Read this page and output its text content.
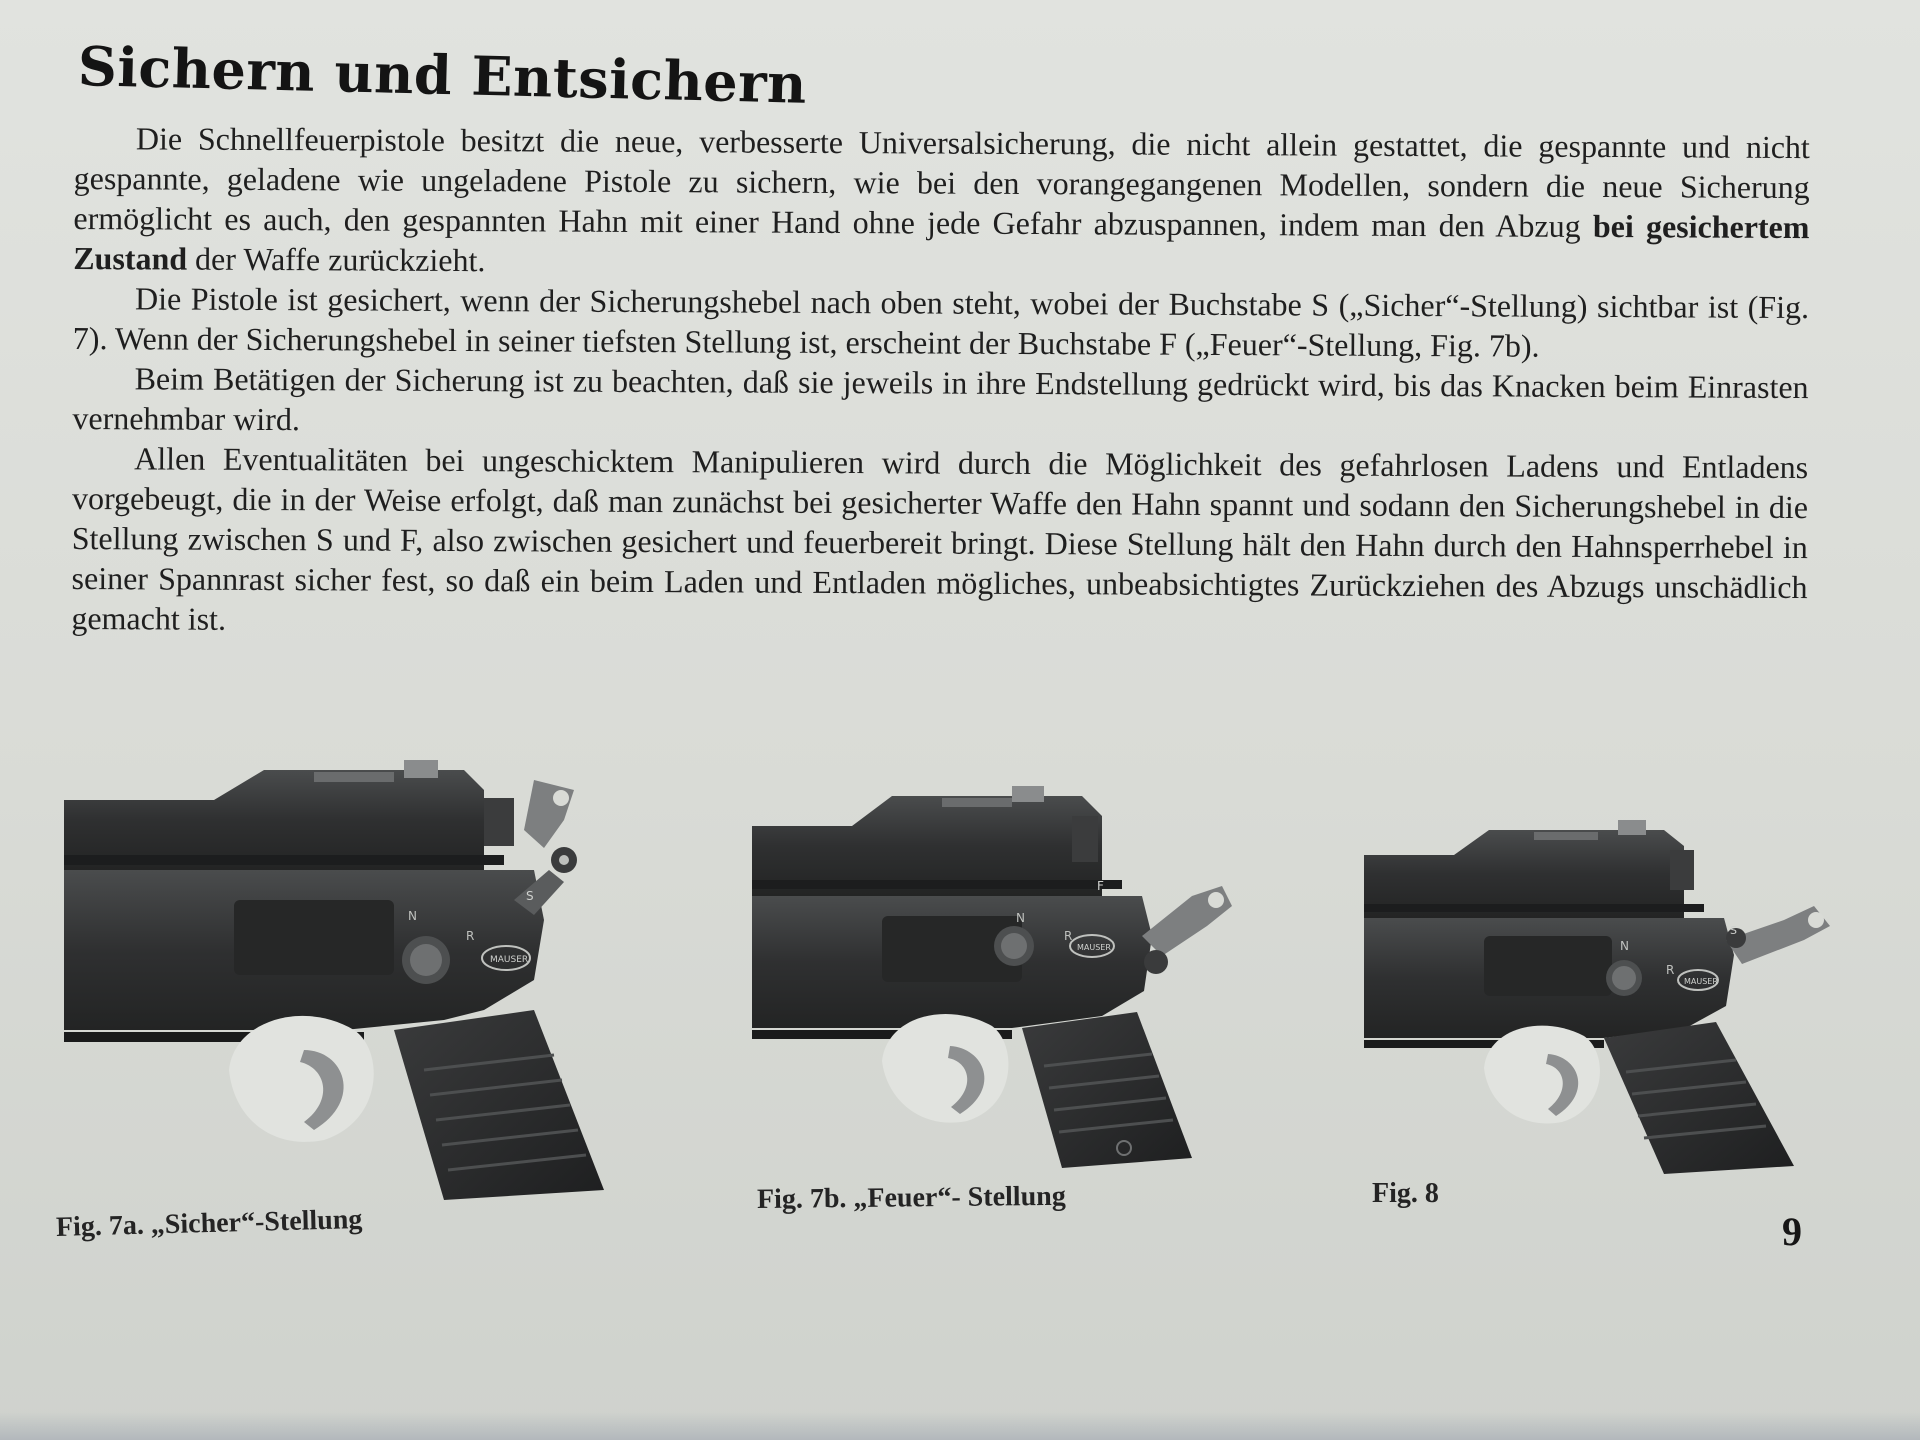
Sichern und Entsichern

Die Schnellfeuerpistole besitzt die neue, verbesserte Universalsicherung, die nicht allein gestattet, die gespannte und nicht gespannte, geladene wie ungeladene Pistole zu sichern, wie bei den vorangegangenen Modellen, sondern die neue Sicherung ermöglicht es auch, den gespannten Hahn mit einer Hand ohne jede Gefahr abzuspannen, indem man den Abzug bei gesichertem Zustand der Waffe zurückzieht.

Die Pistole ist gesichert, wenn der Sicherungshebel nach oben steht, wobei der Buchstabe S („Sicher“-Stellung) sichtbar ist (Fig. 7). Wenn der Sicherungshebel in seiner tiefsten Stellung ist, erscheint der Buchstabe F („Feuer“-Stellung, Fig. 7b).

Beim Betätigen der Sicherung ist zu beachten, daß sie jeweils in ihre Endstellung gedrückt wird, bis das Knacken beim Einrasten vernehmbar wird.

Allen Eventualitäten bei ungeschicktem Manipulieren wird durch die Möglichkeit des gefahrlosen Ladens und Entladens vorgebeugt, die in der Weise erfolgt, daß man zunächst bei gesicherter Waffe den Hahn spannt und sodann den Sicherungshebel in die Stellung zwischen S und F, also zwischen gesichert und feuerbereit bringt. Diese Stellung hält den Hahn durch den Hahnsperrhebel in seiner Spannrast sicher fest, so daß ein beim Laden und Entladen mögliches, unbeabsichtigtes Zurückziehen des Abzugs unschädlich gemacht ist.

S
N
R
MAUSER
Fig. 7a. „Sicher“-Stellung
F
N
R
MAUSER
Fig. 7b. „Feuer“- Stellung
S
N
R
MAUSER
Fig. 8
9
